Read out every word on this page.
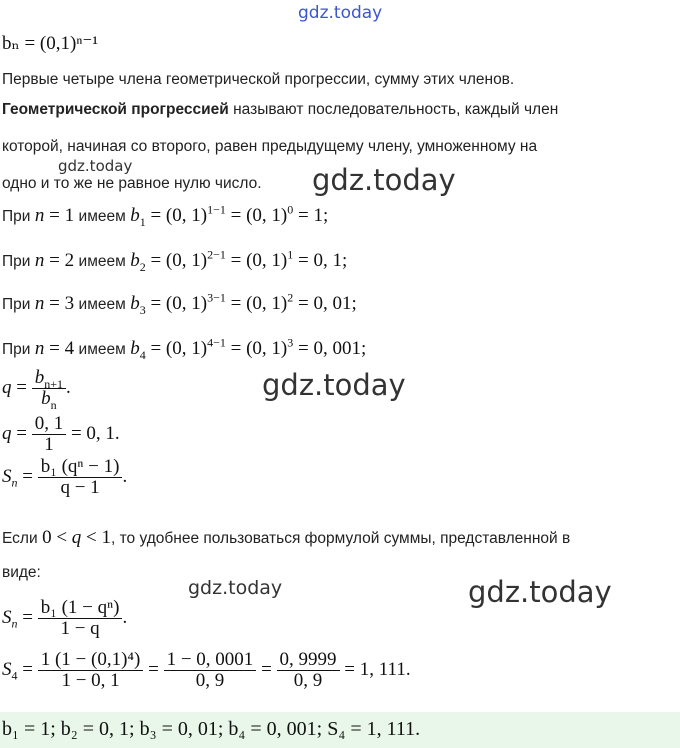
gdz.today
gdz.today	gdz.today
gdz.today
gdz.today	gdz.today
bₙ = (0,1)ⁿ⁻¹
Первые четыре члена геометрической прогрессии, сумму этих членов.
Геометрической прогрессией называют последовательность, каждый член
которой, начиная со второго, равен предыдущему члену, умноженному на
одно и то же не равное нулю число.
При n = 1 имеем $b_1 = (0$, 1)$^{1-1}$ = (0, 1)$^0$ = 1;
При n = 2 имеем $b_2 = (0$, 1)$^{2-1}$ = (0, 1)$^1$ = 0, 1;
При n = 3 имеем $b_3 = (0$, 1)$^{3-1}$ = (0, 1)$^2$ = 0, 01;
При n = 4 имеем $b_4 = (0$, 1)$^{4-1}$ = (0, 1)$^3$ = 0, 001;
$q = \frac{b_{n+1}}{b_n}$ .
$q = \frac{0, 1}{1} = 0$, 1.
$S_n = \frac{\text{b₁ (qⁿ − 1)}}{q - 1}$ .
Если 0 < q < 1, то удобнее пользоваться формулой суммы, представленной в
виде:
$S_n = \frac{\text{b₁ (1 − qⁿ)}}{1 - q}$ .
$S_4 = \frac{\text{1 (1 − (0,1)⁴)}}{1 - 0, 1} = \frac{1 - 0, 0001}{0, 9} = \frac{0, 9999}{0, 9} = 1$, 111.
b₁ = 1; b₂ = 0, 1; b₃ = 0, 01; b₄ = 0, 001; S₄ = 1, 111.
